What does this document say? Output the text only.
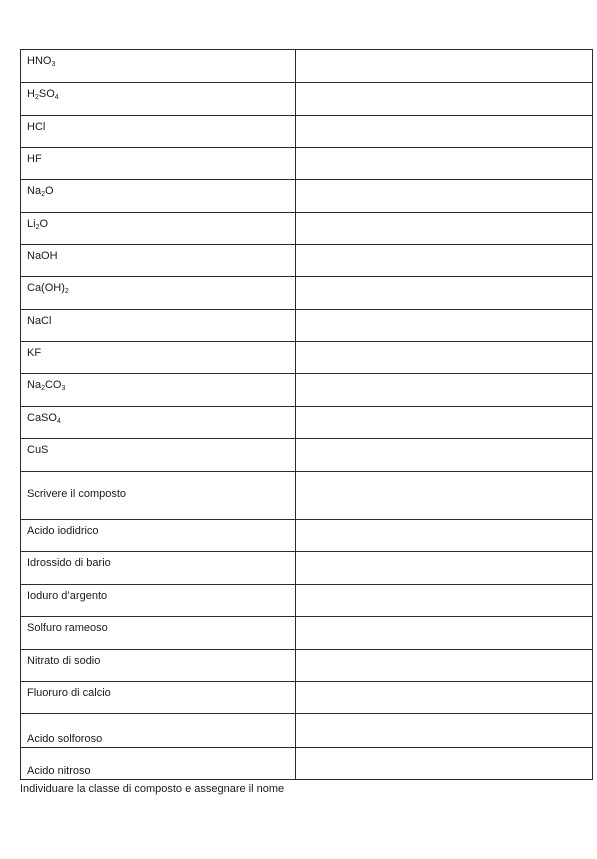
$HNO_3$

$H_2SO_4$

HCl	

HF	

$Na_2O$	

$Li_2O$	

NaOH	

$Ca(OH)_2$

NaCl	

KF	

$Na_2CO_3$

CaSO$_4$

CuS	

Scrivere il composto	

Acido iodidrico	

Idrossido di bario	

Ioduro d’argento	

Solfuro rameoso	

Nitrato di sodio	

Fluoruro di calcio	

Acido solforoso	

Acido nitroso	

Individuare la classe di composto e assegnare il nome
